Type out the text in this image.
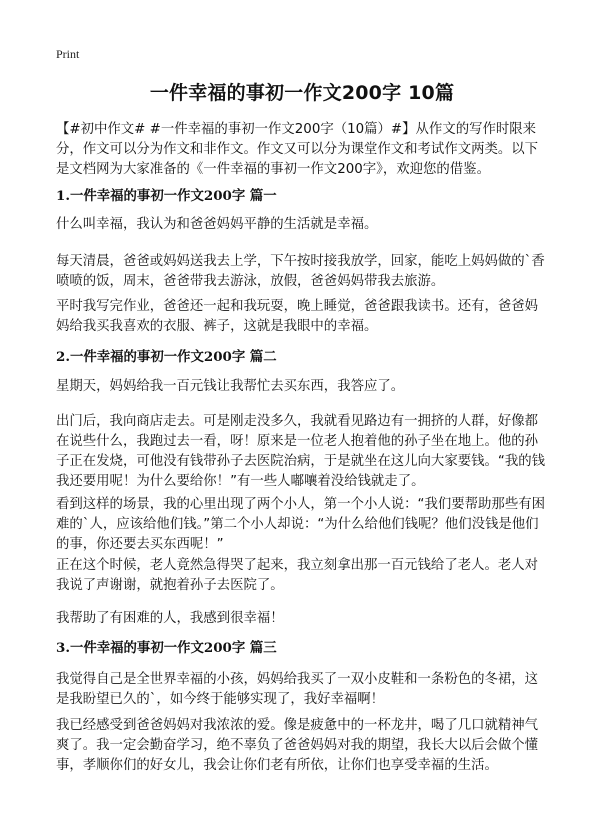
Print
一件幸福的事初一作文200字 10篇

【#初中作文# #一件幸福的事初一作文200字（10篇）#】从作文的写作时限来分，作文可以分为作文和非作文。作文又可以分为课堂作文和考试作文两类。以下是文档网为大家准备的《一件幸福的事初一作文200字》，欢迎您的借鉴。

1.一件幸福的事初一作文200字 篇一

什么叫幸福，我认为和爸爸妈妈平静的生活就是幸福。

每天清晨，爸爸或妈妈送我去上学，下午按时接我放学，回家，能吃上妈妈做的`香喷喷的饭，周末，爸爸带我去游泳，放假，爸爸妈妈带我去旅游。

平时我写完作业，爸爸还一起和我玩耍，晚上睡觉，爸爸跟我读书。还有，爸爸妈妈给我买我喜欢的衣服、裤子，这就是我眼中的幸福。

2.一件幸福的事初一作文200字 篇二

星期天，妈妈给我一百元钱让我帮忙去买东西，我答应了。

出门后，我向商店走去。可是刚走没多久，我就看见路边有一拥挤的人群，好像都在说些什么，我跑过去一看，呀！原来是一位老人抱着他的孙子坐在地上。他的孙子正在发烧，可他没有钱带孙子去医院治病，于是就坐在这儿向大家要钱。“我的钱我还要用呢！为什么要给你！”有一些人嘟嚷着没给钱就走了。

看到这样的场景，我的心里出现了两个小人，第一个小人说：“我们要帮助那些有困难的`人，应该给他们钱。”第二个小人却说：“为什么给他们钱呢？他们没钱是他们的事，你还要去买东西呢！”

正在这个时候，老人竟然急得哭了起来，我立刻拿出那一百元钱给了老人。老人对我说了声谢谢，就抱着孙子去医院了。

我帮助了有困难的人，我感到很幸福！

3.一件幸福的事初一作文200字 篇三

我觉得自己是全世界幸福的小孩，妈妈给我买了一双小皮鞋和一条粉色的冬裙，这是我盼望已久的`，如今终于能够实现了，我好幸福啊！

我已经感受到爸爸妈妈对我浓浓的爱。像是疲惫中的一杯龙井，喝了几口就精神气爽了。我一定会勤奋学习，绝不辜负了爸爸妈妈对我的期望，我长大以后会做个懂事，孝顺你们的好女儿，我会让你们老有所依，让你们也享受幸福的生活。
